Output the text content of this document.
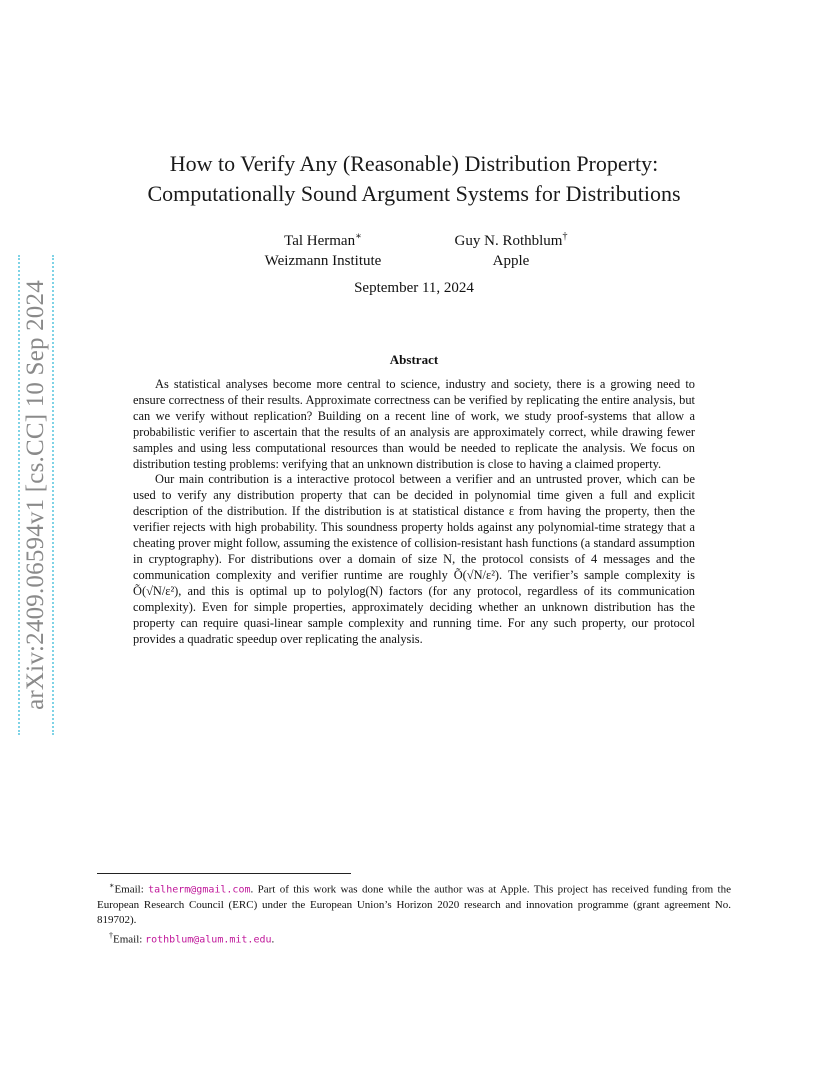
arXiv:2409.06594v1 [cs.CC] 10 Sep 2024
How to Verify Any (Reasonable) Distribution Property:
Computationally Sound Argument Systems for Distributions
Tal Herman∗
Weizmann Institute
Guy N. Rothblum†
Apple
September 11, 2024
Abstract

As statistical analyses become more central to science, industry and society, there is a growing need to ensure correctness of their results. Approximate correctness can be verified by replicating the entire analysis, but can we verify without replication? Building on a recent line of work, we study proof-systems that allow a probabilistic verifier to ascertain that the results of an analysis are approximately correct, while drawing fewer samples and using less computational resources than would be needed to replicate the analysis. We focus on distribution testing problems: verifying that an unknown distribution is close to having a claimed property.

Our main contribution is a interactive protocol between a verifier and an untrusted prover, which can be used to verify any distribution property that can be decided in polynomial time given a full and explicit description of the distribution. If the distribution is at statistical distance ε from having the property, then the verifier rejects with high probability. This soundness property holds against any polynomial-time strategy that a cheating prover might follow, assuming the existence of collision-resistant hash functions (a standard assumption in cryptography). For distributions over a domain of size N, the protocol consists of 4 messages and the communication complexity and verifier runtime are roughly Õ(√N/ε²). The verifier’s sample complexity is Õ(√N/ε²), and this is optimal up to polylog(N) factors (for any protocol, regardless of its communication complexity). Even for simple properties, approximately deciding whether an unknown distribution has the property can require quasi-linear sample complexity and running time. For any such property, our protocol provides a quadratic speedup over replicating the analysis.

∗Email: talherm@gmail.com. Part of this work was done while the author was at Apple. This project has received funding from the European Research Council (ERC) under the European Union’s Horizon 2020 research and innovation programme (grant agreement No. 819702).

†Email: rothblum@alum.mit.edu.
